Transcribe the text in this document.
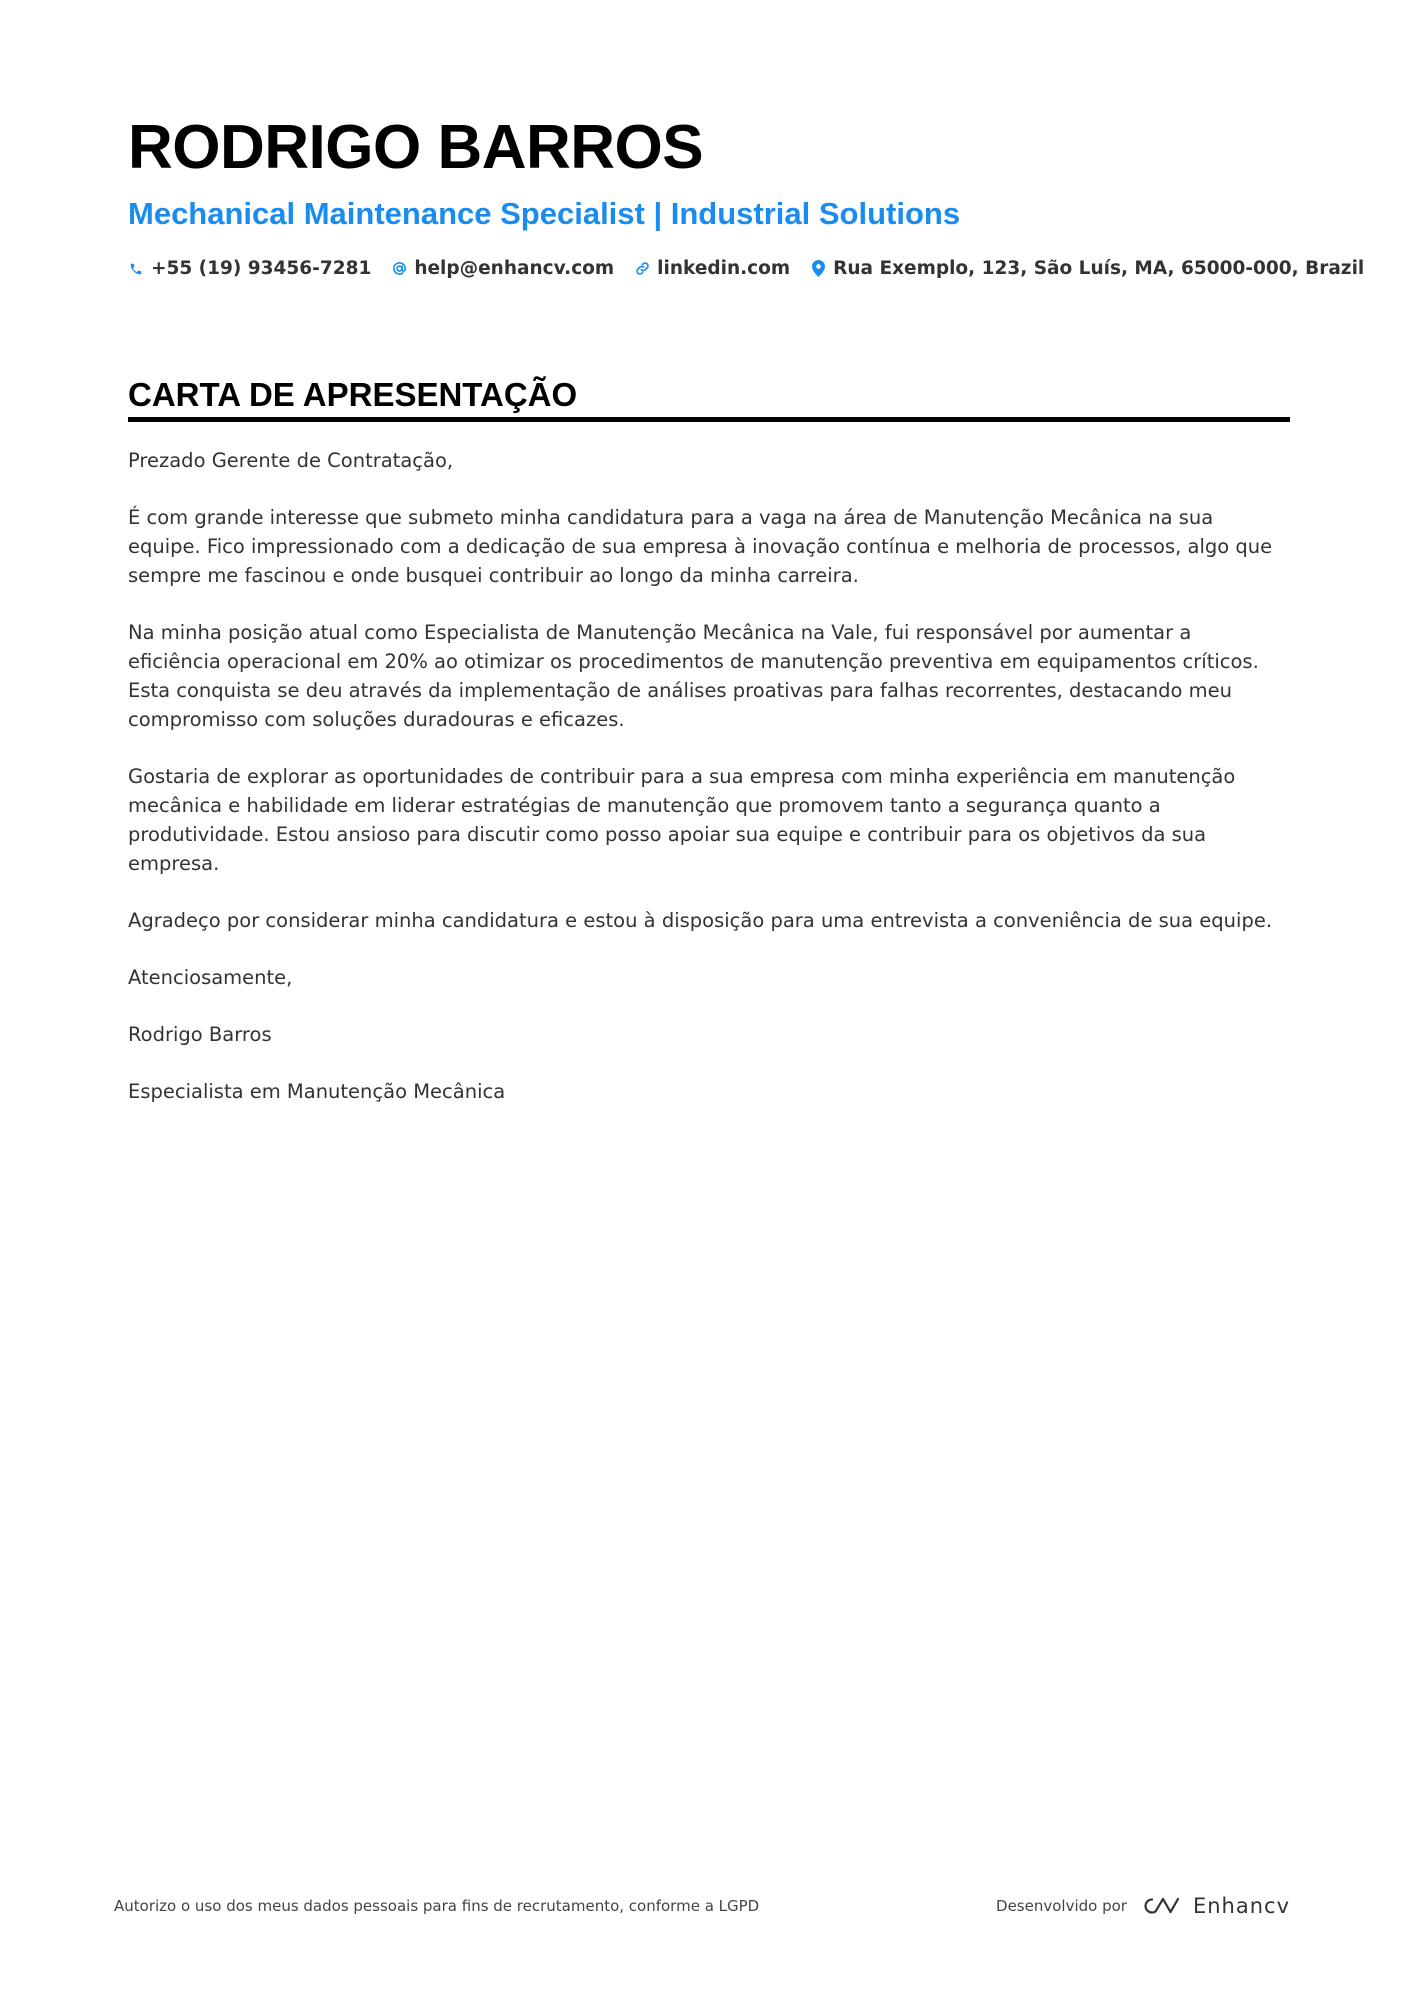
RODRIGO BARROS
Mechanical Maintenance Specialist | Industrial Solutions
+55 (19) 93456-7281 help@enhancv.com linkedin.com Rua Exemplo, 123, São Luís, MA, 65000-000, Brazil
CARTA DE APRESENTAÇÃO

Prezado Gerente de Contratação,

É com grande interesse que submeto minha candidatura para a vaga na área de Manutenção Mecânica na sua equipe. Fico impressionado com a dedicação de sua empresa à inovação contínua e melhoria de processos, algo que sempre me fascinou e onde busquei contribuir ao longo da minha carreira.

Na minha posição atual como Especialista de Manutenção Mecânica na Vale, fui responsável por aumentar a eficiência operacional em 20% ao otimizar os procedimentos de manutenção preventiva em equipamentos críticos. Esta conquista se deu através da implementação de análises proativas para falhas recorrentes, destacando meu compromisso com soluções duradouras e eficazes.

Gostaria de explorar as oportunidades de contribuir para a sua empresa com minha experiência em manutenção mecânica e habilidade em liderar estratégias de manutenção que promovem tanto a segurança quanto a produtividade. Estou ansioso para discutir como posso apoiar sua equipe e contribuir para os objetivos da sua empresa.

Agradeço por considerar minha candidatura e estou à disposição para uma entrevista a conveniência de sua equipe.

Atenciosamente,

Rodrigo Barros

Especialista em Manutenção Mecânica

Autorizo o uso dos meus dados pessoais para fins de recrutamento, conforme a LGPD	Desenvolvido por	Enhancv
